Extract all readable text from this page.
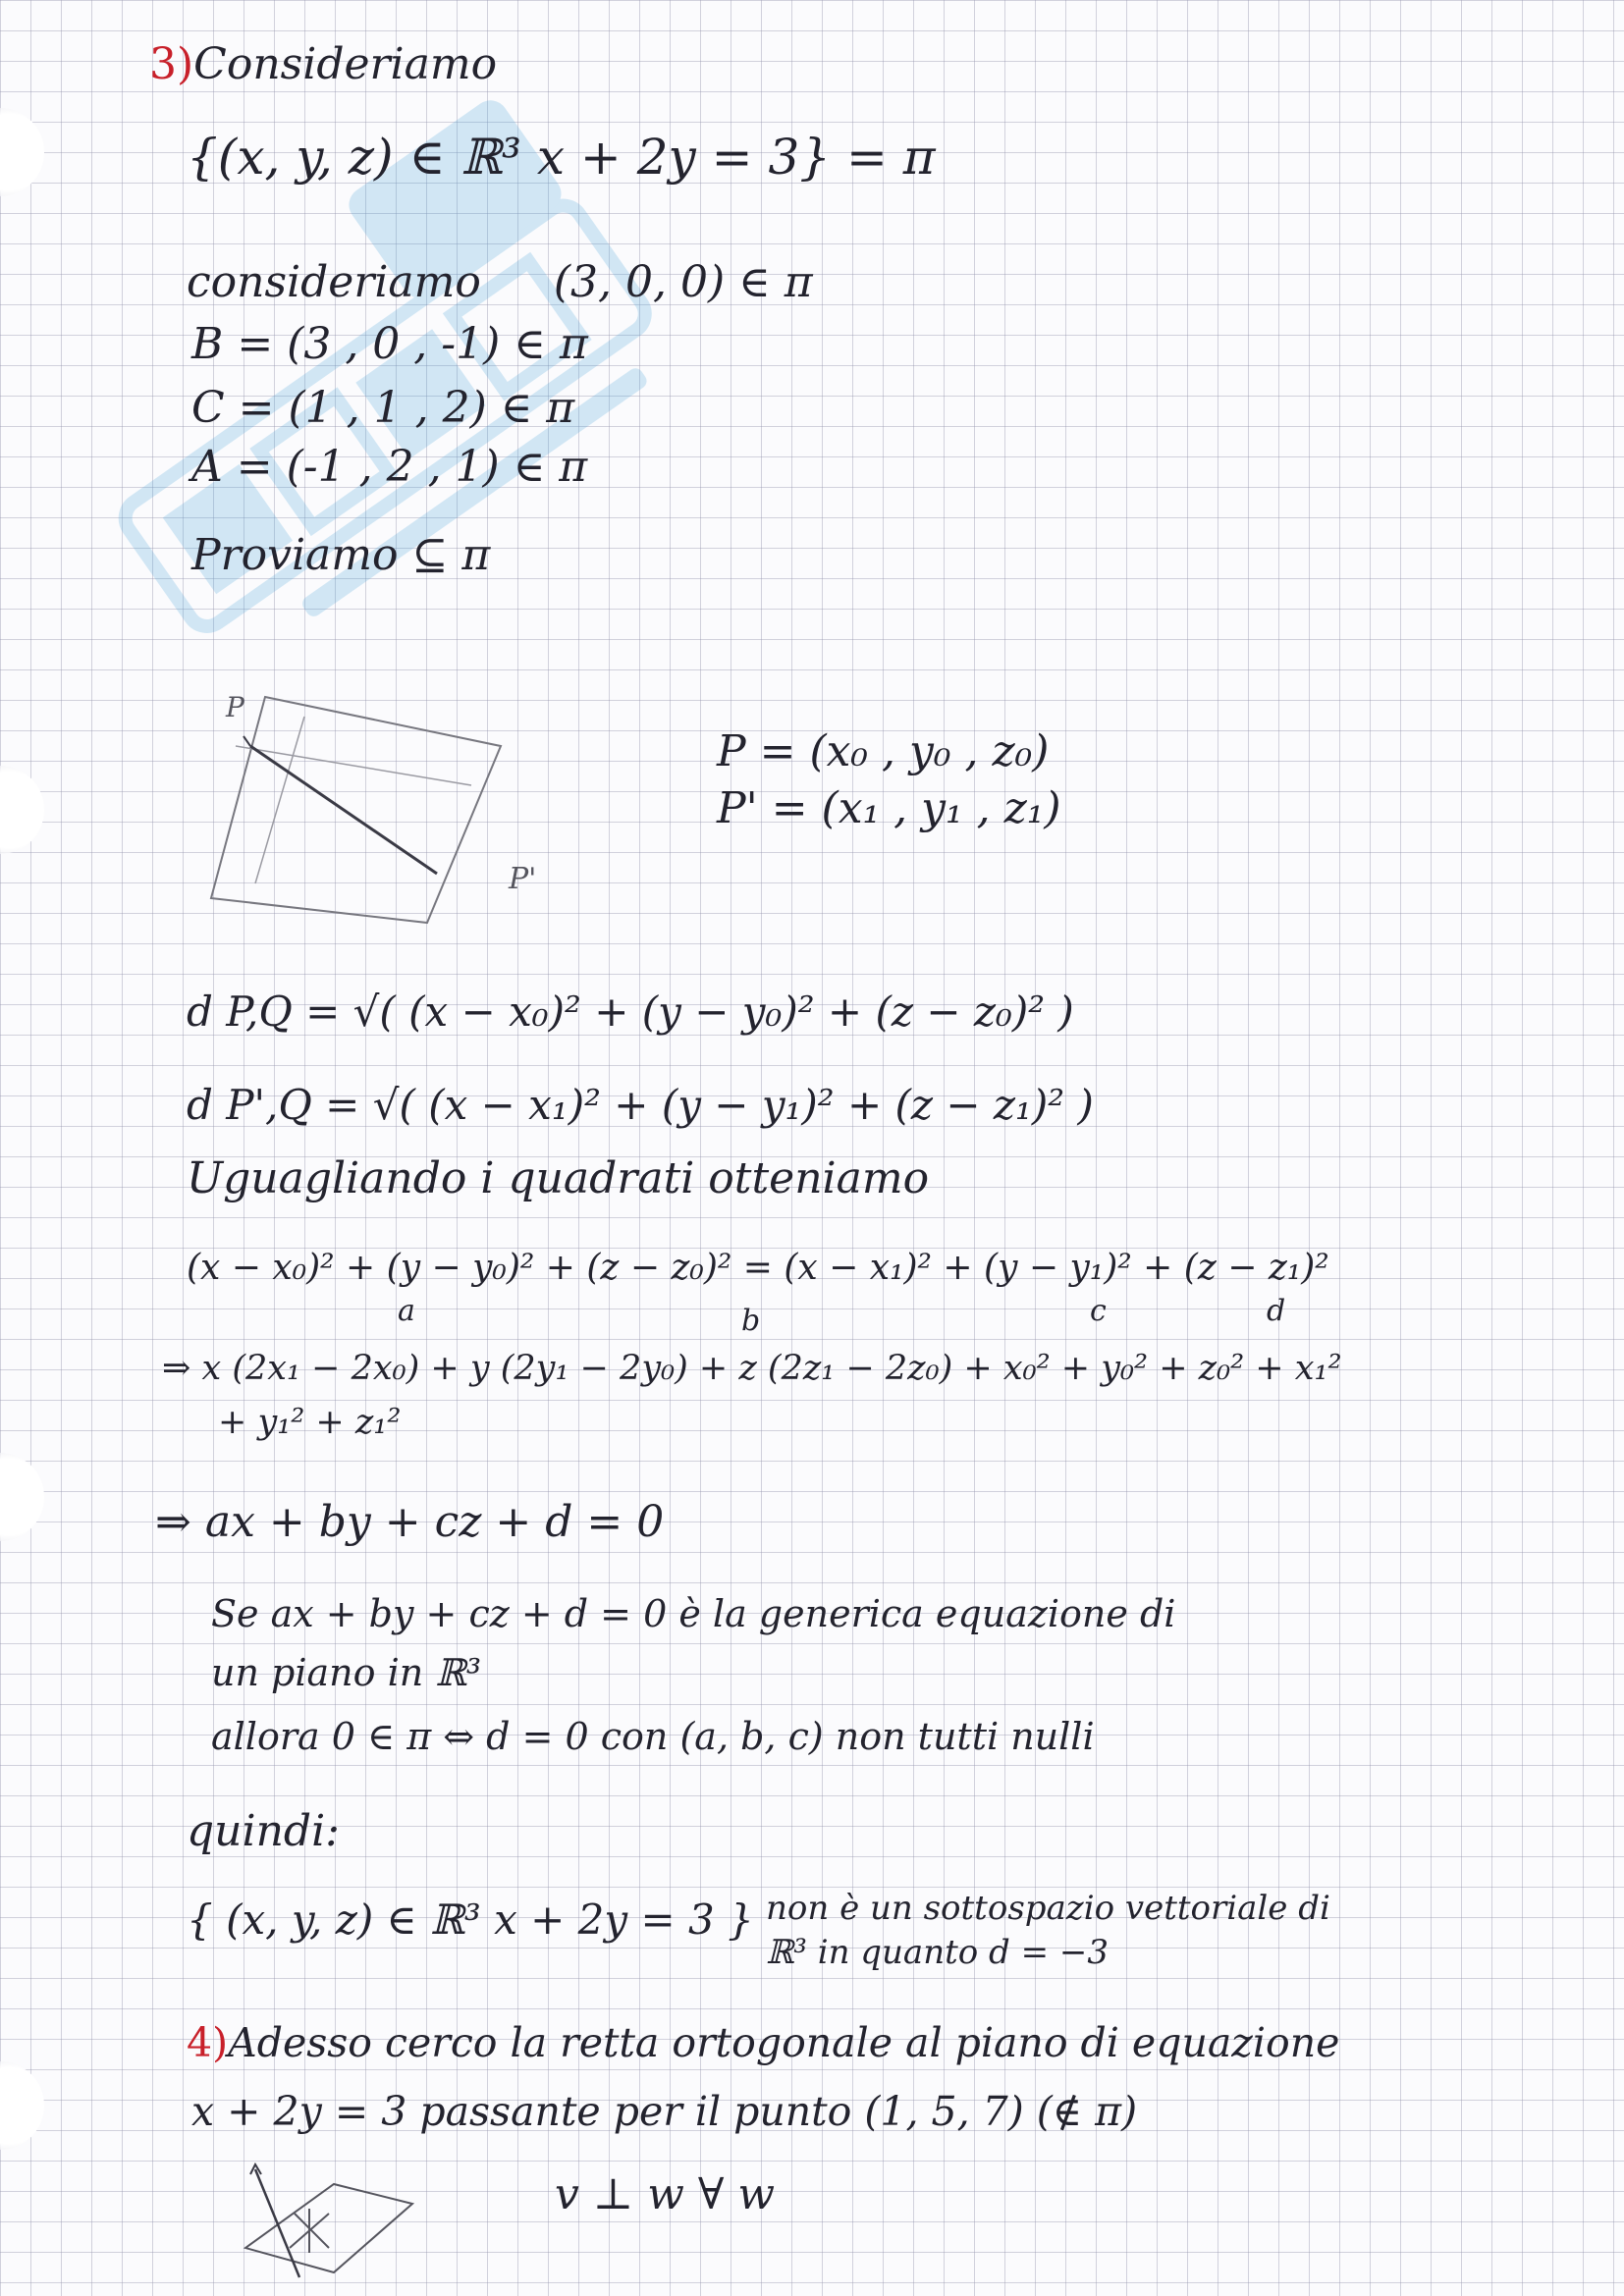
3)Consideriamo
{(x, y, z) ∈ ℝ³ x + 2y = 3} = π
consideriamo (3, 0, 0) ∈ π
B = (3 , 0 , -1) ∈ π
C = (1 , 1 , 2) ∈ π
A = (-1 , 2 , 1) ∈ π
Proviamo ⊆ π
P
P'
P = (x₀ , y₀ , z₀)
P' = (x₁ , y₁ , z₁)
d P,Q = √( (x − x₀)² + (y − y₀)² + (z − z₀)² )
d P',Q = √( (x − x₁)² + (y − y₁)² + (z − z₁)² )
Uguagliando i quadrati otteniamo
(x − x₀)² + (y − y₀)² + (z − z₀)² = (x − x₁)² + (y − y₁)² + (z − z₁)²
a	b	c	d
⇒ x (2x₁ − 2x₀) + y (2y₁ − 2y₀) + z (2z₁ − 2z₀) + x₀² + y₀² + z₀² + x₁²
+ y₁² + z₁²
⇒ ax + by + cz + d = 0
Se ax + by + cz + d = 0 è la generica equazione di
un piano in ℝ³
allora 0 ∈ π ⇔ d = 0 con (a, b, c) non tutti nulli
quindi:
{ (x, y, z) ∈ ℝ³ x + 2y = 3 } non è un sottospazio vettoriale di
ℝ³ in quanto d = −3
4)Adesso cerco la retta ortogonale al piano di equazione
x + 2y = 3 passante per il punto (1, 5, 7) (∉ π)
v ⊥ w ∀ w
